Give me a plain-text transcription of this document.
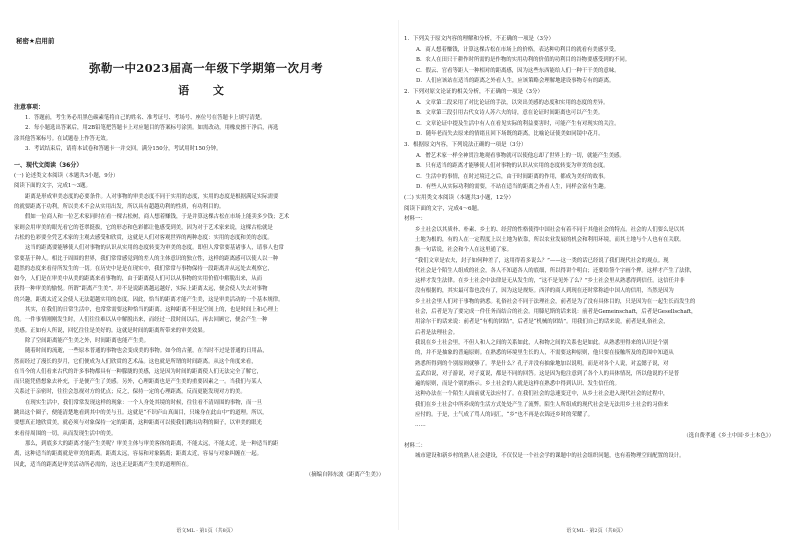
秘密★启用前
弥勒一中2023届高一年级下学期第一次月考
语 文
注意事项：

1．答题前，考生务必用黑色碳素笔将自己的姓名、准考证号、考场号、座位号在答题卡上填写清楚。

2．每小题选出答案后，用2B铅笔把答题卡上对应题目的答案标号涂黑。如需改动，用橡皮擦干净后，再选

涂其他答案标号。在试题卷上作答无效。

3．考试结束后，请将本试卷和答题卡一并交回。满分150分，考试用时150分钟。

一、现代文阅读（36分）

(一) 论述类文本阅读（本题共3小题，9分）

阅读下面的文字，完成1～3题。

距离是形成审美态度的必要条件。人对事物的审美态度不同于实用的态度，实用的态度是根据满足实际需要

的就要距离于功利，所以美术不会从实用出发，所以具有超越功利的性质，有功利目的。

假如一位商人和一位艺术家同时在看一棵古松树，商人想着赚钱，于是并算这棵古松在市场上能卖多少钱；艺术

家则会用审美的眼光看它的苍翠挺拔，它的形态和色彩都让他感受到美，因为对于艺术家来说，这棵古松就是

古松的色彩要全凭艺术家的主观去感受和欣赏，这就是人们对客观世界的两种态度：实用的态度和美的态度。

这当的距离要能够使人们对事物的认识从实用的态度转变为审美的态度。即但人常常要基诸事人，请事人也常

常要基于种人。相比于周围的世界，我们常常感觉到的差人的主体意识的独立性，这样的距离感可以使人以一种

超然的态度来看待所发生的一切。在历史中是是在现实中，我们常常与事物保持一段距离并从远处去观察它，

如今，人们是在审美中从美的距离来看事物的，由于距离使人们可以从事物的实用价值中解脱出来，从而

获得一种审美的愉悦。所谓“距离产生美”，并不是说距离越远越好，实际上距离太远，便会使人失去对事物

的兴趣，距离太近又会使人无法超越实用的态度。因此，恰当的距离才能产生美，这是审美活动的一个基本规律。

其实，在我们的日常生活中，也常常需要这种恰当的距离。这种距离不但是空间上的，也是时间上和心理上

的。一件事情刚刚发生时，人们往往难以从中解脱出来，而经过一段时间以后，再去回顾它，便会产生一种

美感。正如有人所说，回忆往往是美好的。这就是时间的距离所带来的审美效果。

除了空间距离能产生美之外，时间距离也能产生美。

随着时间的流逝，一些原本普通的事物也会变成美的事物。如今的古董，在当时不过是普通的日用品，

然而经过了漫长的岁月，它们便成为人们欣赏的艺术品。这也就是所谓的时间距离。从这个角度来看，

在当今的人们看来古代的许多事物都具有一种朦胧的美感，这是因为时间的距离使人们无法完全了解它，

而只能凭借想象去补充，于是便产生了美感。另外，心理距离也是产生美的重要因素之一。当我们与某人

关系过于亲密时，往往会忽视对方的优点；反之，保持一定的心理距离，反而更能发现对方的美。

在现实生活中，我们常常发现这样的现象：一个人身处其境的时候，往往看不清周围的事物，而一旦

跳出这个圈子，便能清楚地看到其中的美与丑。这就是“不识庐山真面目，只缘身在此山中”的道理。所以，

要想真正地欣赏美，就必须与对象保持一定的距离，这种距离可以使我们跳出功利的圈子，以审美的眼光

来看待周围的一切，从而发现生活中的美。

那么，到底多大的距离才能产生美呢？审美主体与审美客体的距离，不能太远，不能太近，是一种适当的距

离，这种适当的距离就是审美的距离。距离太远，容易和对象隔离；距离太近，容易与对象纠缠在一起。

因此，适当的距离是审美活动所必需的，这也正是距离产生美的道理所在。

（摘编自韩东波《距离产生美》）
语文ML · 第1页（共8页）

1．下列关于原文内容的理解和分析，不正确的一项是（3分）

A．商人想着赚钱，计算这棵古松在市场上的价格，表达种功利目的就看有美感享受。

B．农人在田只干耕作时所需的是作物的实用功利的价值的功利目的谷物要感受到的不同。

C．假云、官看等距人一种相对的距离感，因为这些东西能给人们一种干干美的意味。

D．人们应该站在适当的距离之外看人生，应该策略会理解地建设事物专有的距离。

2．下列对原文论证的相关分析，不正确的一项是（3分）

A．文章第二段采用了对比论证的手法，以突出美感的态度和实用的态度的差异。

B．文章第三段引用古代女诗人苏六夫的诗，意在论证时间距离也可以产生美。

C．文章论证中提及生活中有人在看见实际的利益要害时，可能产生有对现实的关注。

D．随年老而失去原来的情绪且回下场既的距离，比喻论证使美如同镜中花月。

3．根据原文内容，下列说法正确的一项是（3分）

A．僧艺术家一样全神贯注地观看事物就可以使他忘却了世界上的一切，就能产生美感。

B．只有适当的距离才能够使人们对事物的认识从实用的态度转变为审美的态度。

C．生活中的事情，在时过境迁之后，由于时间距离的作用，都成为美好的故事。

D．有些人从实际功利的需要，不站在适当的距离之外看人生，同样会富有生趣。

(二) 实用类文本阅读（本题共3小题，12分）

阅读下面的文字，完成4～6题。

材料一：

乡土社会以其质朴、朴素、乡土的、经营的性格使得中国社会有着不同于其他社会的特点。社会的人们要么是以其

土地为根的，有的人在一定程度上以土地为依靠，所以农业发展的机会和利用环境，而其土地与个人也有在关联。

换一句话说，社会和个人在这里通了家。

“我们文章是农夫，封子如何种差了，这用得着多说么？”——这一类的话已经说了我们现代社会的观点。现

代社会是个陌生人组成的社会，各人不知道各人的底细，所以得讲个明白；还要给签个字画个押。这样才产生了法律，

这样才发生法律。在乡土社会中法律是无从发生的，“这不是见外了么？”乡土社会里从熟悉得到信任。这信任并非

没有根据的，其实最可靠也没有了，因为这是规矩。西洋的商人到现在还时常称道中国人的信用，当然是因为

乡土社会里人们对于事物的熟悉。礼俗社会不同于法理社会，前者是为了没有具体目的，只是因为在一起生长而发生的

社会，后者是为了要完成一件任务而结合的社会。用滕尼斯的话来说：前者是Gemeinschaft，后者是Gesellschaft，

用涂尔干的话来说：前者是“有机的团结”，后者是“机械的团结”。用我们自己的话来说，前者是礼俗社会，

后者是法理社会。

我说在乡土社会里，不但人和人之间的关系如此，人和物之间的关系也是如此。从熟悉里得来的认识是个别

的，并不是抽象的普遍原则。在熟悉的环境里生长的人，不需要这种原则，他只要在接触所及的范围中知道从

熟悉所得到的个别原则就够了。孝是什么？孔子并没有抽象地加以说明，而是对各个人说，对孟懿子说，对

孟武伯说，对子游说，对子夏说，都是不同的回答。这是因为他注意到了各个人的具体情况，所以他说的不是普

遍的原则，而是个别的指示。乡土社会的人就是这样在熟悉中得到认识、发生信任的。

这种办法在一个陌生人面前就无法应付了。在我们社会的急速变迁中，从乡土社会进入现代社会的过程中，

我们在乡土社会中所养成的生活方式处处产生了流弊。陌生人所组成的现代社会是无法用乡土社会的习俗来

应付的。于是，土气成了骂人的词汇，“乡”也不再是衣锦还乡时的荣耀了。

……

（选自费孝通《乡土中国·乡土本色》）

材料二：

城市建设和新乡村的熟人社会建设，不仅仅是一个社会学的课题中的社会组织问题，也有着物理空间配置的设计。

语文ML · 第2页（共8页）
